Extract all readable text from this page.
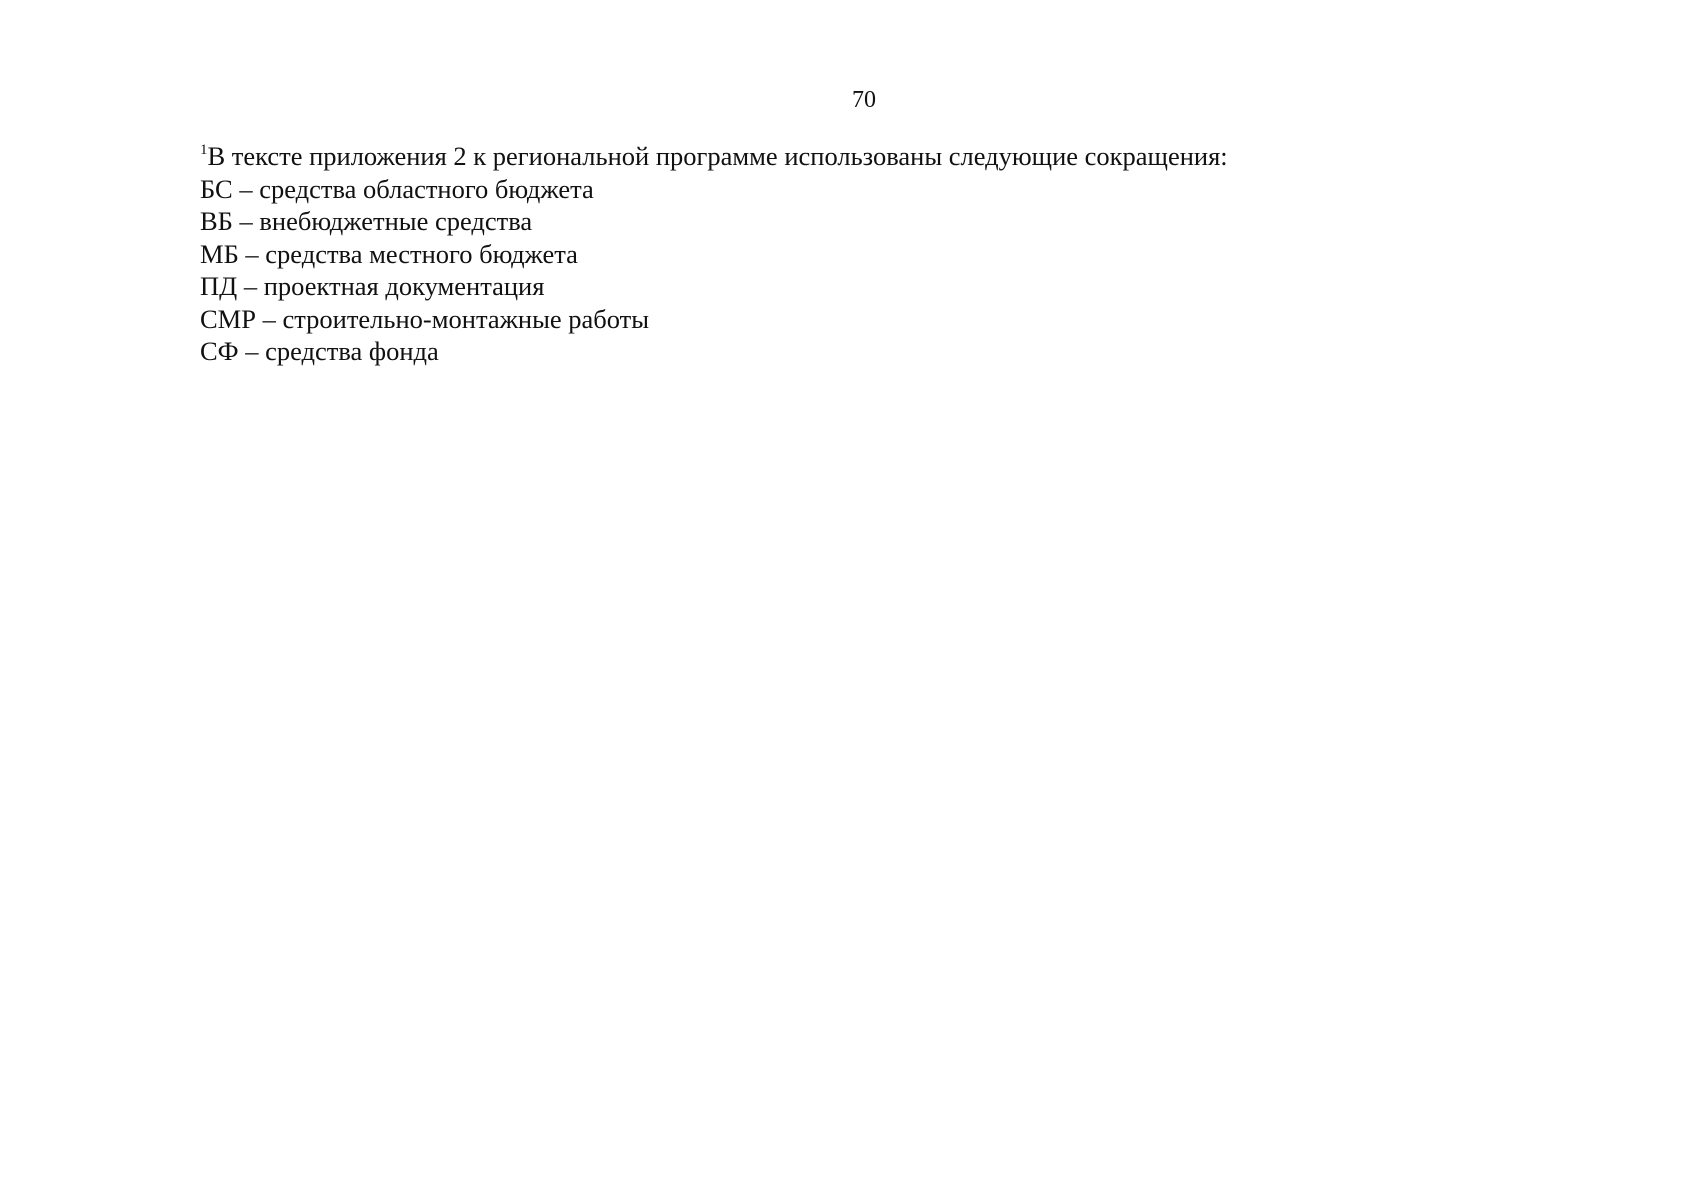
70
$^1$В тексте приложения 2 к региональной программе использованы следующие сокращения:
БС – средства областного бюджета
ВБ – внебюджетные средства
МБ – средства местного бюджета
ПД – проектная документация
СМР – строительно-монтажные работы
СФ – средства фонда
